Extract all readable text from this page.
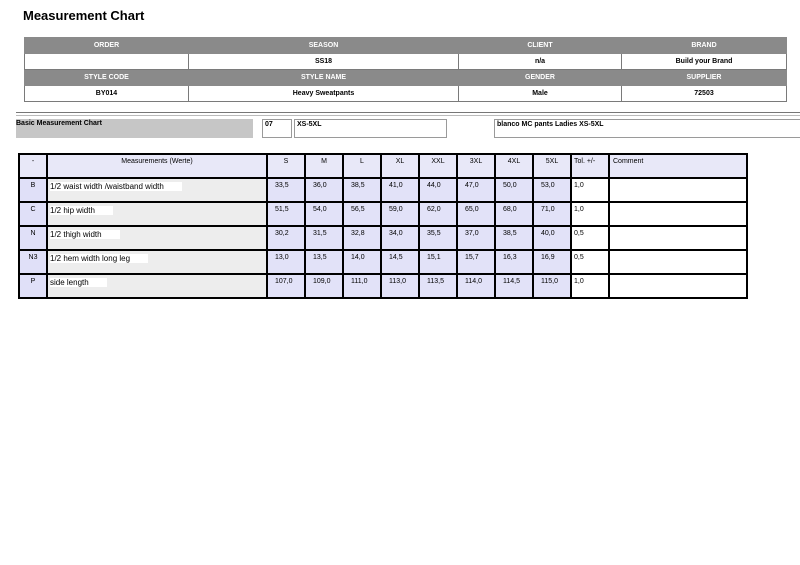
Measurement Chart
ORDER	SEASON	CLIENT	BRAND
	SS18	n/a	Build your Brand
STYLE CODE	STYLE NAME	GENDER	SUPPLIER
BY014	Heavy Sweatpants	Male	72503
Basic Measurement Chart	07	XS-5XL	blanco MC pants Ladies XS-5XL
-	Measurements (Werte)	S	M	L	XL	XXL	3XL	4XL	5XL	Tol. +/-	Comment
B	1/2 waist width /waistband width	33,5	36,0	38,5	41,0	44,0	47,0	50,0	53,0	1,0	
C	1/2 hip width	51,5	54,0	56,5	59,0	62,0	65,0	68,0	71,0	1,0	
N	1/2 thigh width	30,2	31,5	32,8	34,0	35,5	37,0	38,5	40,0	0,5	
N3	1/2 hem width long leg	13,0	13,5	14,0	14,5	15,1	15,7	16,3	16,9	0,5	
P	side length	107,0	109,0	111,0	113,0	113,5	114,0	114,5	115,0	1,0	
